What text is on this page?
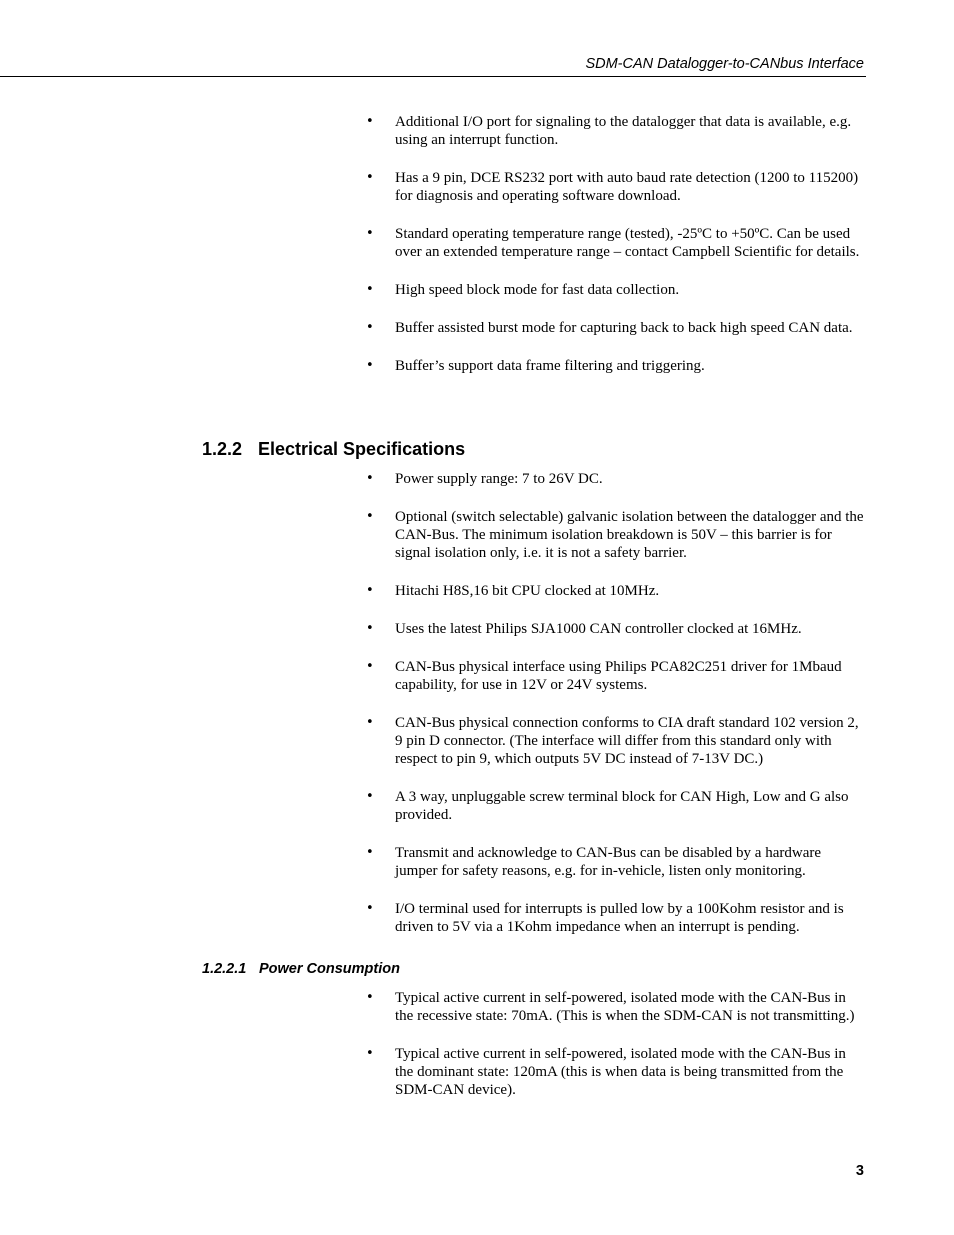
SDM-CAN Datalogger-to-CANbus Interface
• Additional I/O port for signaling to the datalogger that data is available, e.g. using an interrupt function.
• Has a 9 pin, DCE RS232 port with auto baud rate detection (1200 to 115200) for diagnosis and operating software download.
• Standard operating temperature range (tested), -25ºC to +50ºC. Can be used over an extended temperature range – contact Campbell Scientific for details.
• High speed block mode for fast data collection.
• Buffer assisted burst mode for capturing back to back high speed CAN data.
• Buffer’s support data frame filtering and triggering.
1.2.2 Electrical Specifications
• Power supply range: 7 to 26V DC.
• Optional (switch selectable) galvanic isolation between the datalogger and the CAN-Bus. The minimum isolation breakdown is 50V – this barrier is for signal isolation only, i.e. it is not a safety barrier.
• Hitachi H8S,16 bit CPU clocked at 10MHz.
• Uses the latest Philips SJA1000 CAN controller clocked at 16MHz.
• CAN-Bus physical interface using Philips PCA82C251 driver for 1Mbaud capability, for use in 12V or 24V systems.
• CAN-Bus physical connection conforms to CIA draft standard 102 version 2, 9 pin D connector. (The interface will differ from this standard only with respect to pin 9, which outputs 5V DC instead of 7-13V DC.)
• A 3 way, unpluggable screw terminal block for CAN High, Low and G also provided.
• Transmit and acknowledge to CAN-Bus can be disabled by a hardware jumper for safety reasons, e.g. for in-vehicle, listen only monitoring.
• I/O terminal used for interrupts is pulled low by a 100Kohm resistor and is driven to 5V via a 1Kohm impedance when an interrupt is pending.
1.2.2.1 Power Consumption
• Typical active current in self-powered, isolated mode with the CAN-Bus in the recessive state: 70mA. (This is when the SDM-CAN is not transmitting.)
• Typical active current in self-powered, isolated mode with the CAN-Bus in the dominant state: 120mA (this is when data is being transmitted from the SDM-CAN device).
3
